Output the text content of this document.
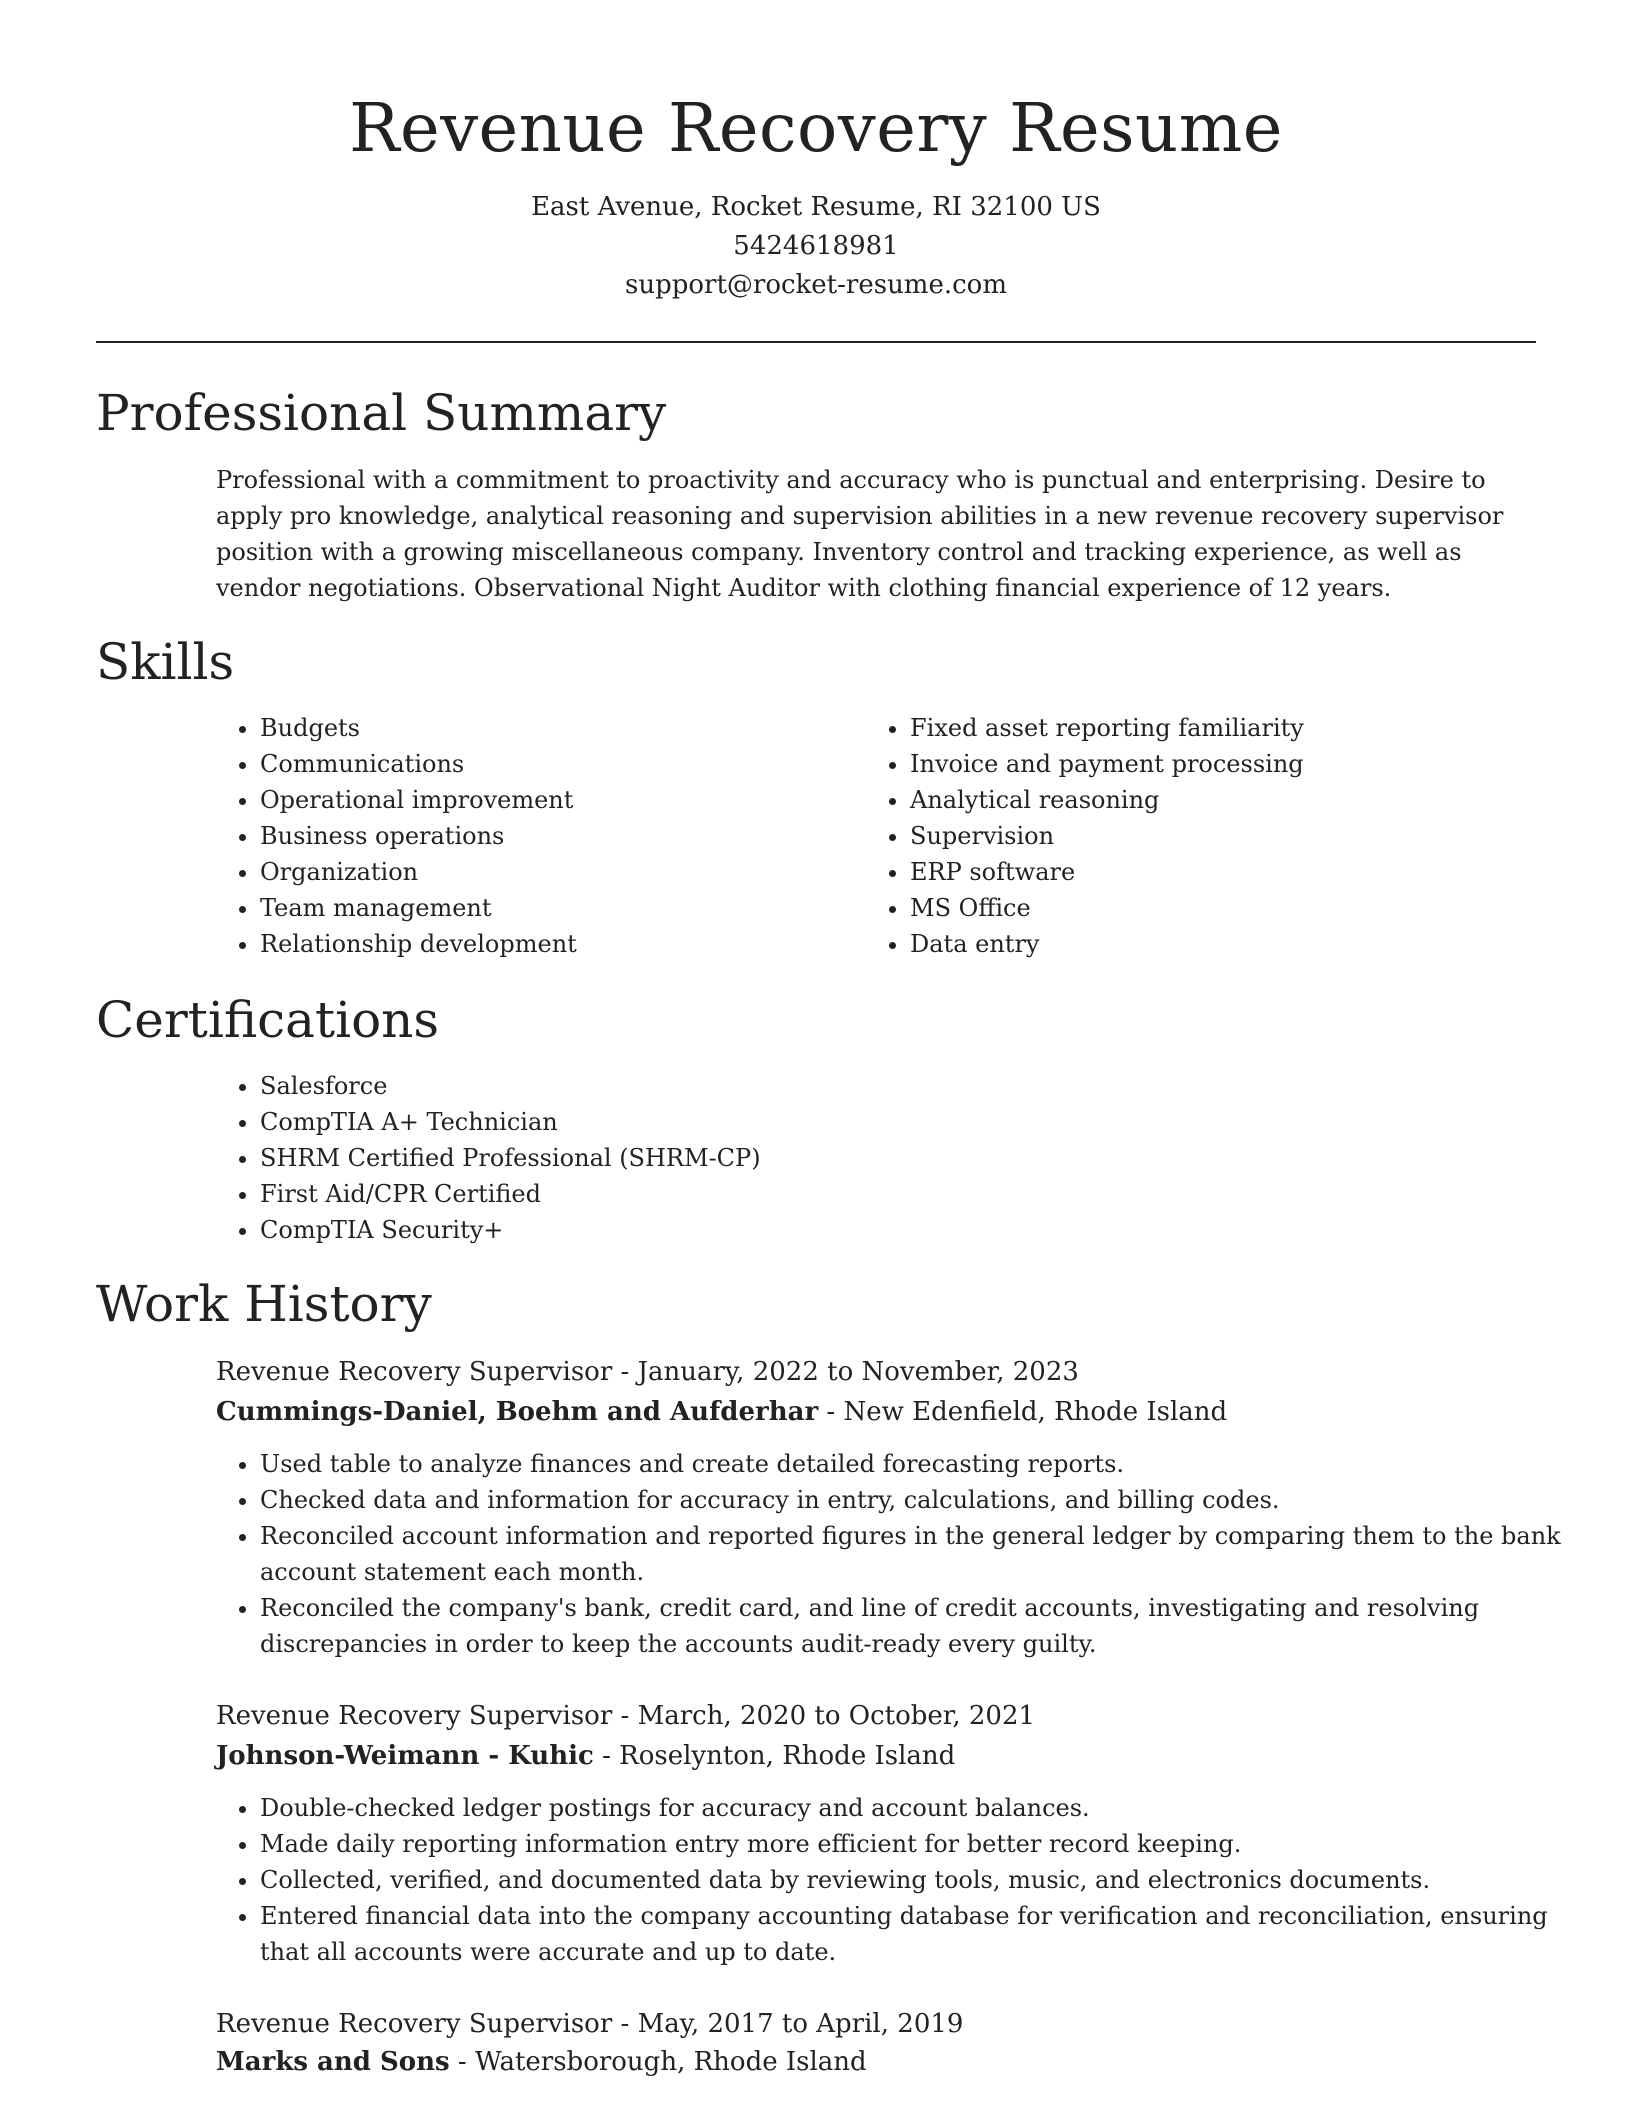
Revenue Recovery Resume
East Avenue, Rocket Resume, RI 32100 US
5424618981
support@rocket-resume.com
Professional Summary
Professional with a commitment to proactivity and accuracy who is punctual and enterprising. Desire to apply pro knowledge, analytical reasoning and supervision abilities in a new revenue recovery supervisor position with a growing miscellaneous company. Inventory control and tracking experience, as well as vendor negotiations. Observational Night Auditor with clothing financial experience of 12 years.
Skills
• Budgets
• Communications
• Operational improvement
• Business operations
• Organization
• Team management
• Relationship development
• Fixed asset reporting familiarity
• Invoice and payment processing
• Analytical reasoning
• Supervision
• ERP software
• MS Office
• Data entry
Certifications
• Salesforce
• CompTIA A+ Technician
• SHRM Certified Professional (SHRM-CP)
• First Aid/CPR Certified
• CompTIA Security+
Work History
Revenue Recovery Supervisor - January, 2022 to November, 2023
Cummings-Daniel, Boehm and Aufderhar - New Edenfield, Rhode Island
• Used table to analyze finances and create detailed forecasting reports.
• Checked data and information for accuracy in entry, calculations, and billing codes.
• Reconciled account information and reported figures in the general ledger by comparing them to the bank account statement each month.
• Reconciled the company's bank, credit card, and line of credit accounts, investigating and resolving discrepancies in order to keep the accounts audit-ready every guilty.
Revenue Recovery Supervisor - March, 2020 to October, 2021
Johnson-Weimann - Kuhic - Roselynton, Rhode Island
• Double-checked ledger postings for accuracy and account balances.
• Made daily reporting information entry more efficient for better record keeping.
• Collected, verified, and documented data by reviewing tools, music, and electronics documents.
• Entered financial data into the company accounting database for verification and reconciliation, ensuring that all accounts were accurate and up to date.
Revenue Recovery Supervisor - May, 2017 to April, 2019
Marks and Sons - Watersborough, Rhode Island
